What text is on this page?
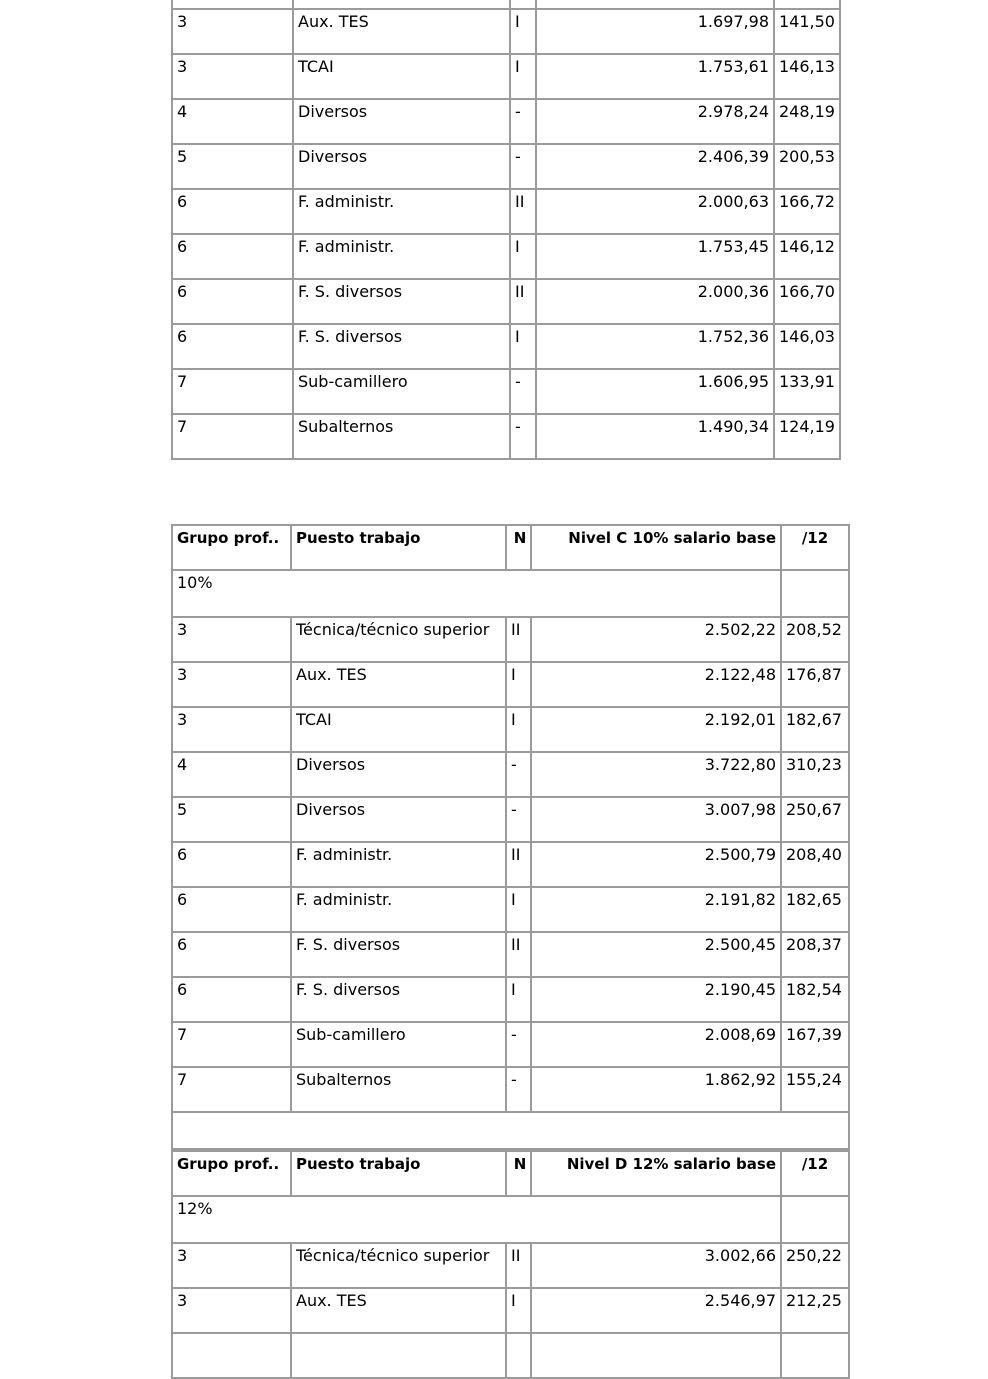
3	Aux. TES	I	1.697,98	141,50
3	TCAI	I	1.753,61	146,13
4	Diversos	-	2.978,24	248,19
5	Diversos	-	2.406,39	200,53
6	F. administr.	II	2.000,63	166,72
6	F. administr.	I	1.753,45	146,12
6	F. S. diversos	II	2.000,36	166,70
6	F. S. diversos	I	1.752,36	146,03
7	Sub-camillero	-	1.606,95	133,91
7	Subalternos	-	1.490,34	124,19
Grupo prof..	Puesto trabajo	N	Nivel C 10% salario base	/12
10%				
3	Técnica/técnico superior	II	2.502,22	208,52
3	Aux. TES	I	2.122,48	176,87
3	TCAI	I	2.192,01	182,67
4	Diversos	-	3.722,80	310,23
5	Diversos	-	3.007,98	250,67
6	F. administr.	II	2.500,79	208,40
6	F. administr.	I	2.191,82	182,65
6	F. S. diversos	II	2.500,45	208,37
6	F. S. diversos	I	2.190,45	182,54
7	Sub-camillero	-	2.008,69	167,39
7	Subalternos	-	1.862,92	155,24

Grupo prof..	Puesto trabajo	N	Nivel D 12% salario base	/12
12%				
3	Técnica/técnico superior	II	3.002,66	250,22
3	Aux. TES	I	2.546,97	212,25
